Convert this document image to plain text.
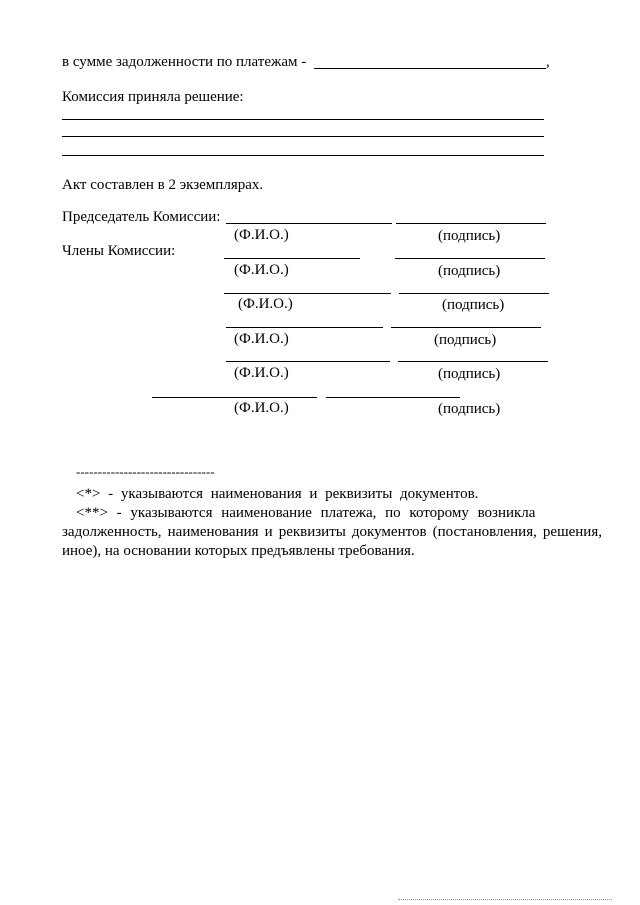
в сумме задолженности по платежам -	,
Комиссия приняла решение:
Акт составлен в 2 экземплярах.
Председатель Комиссии:
(Ф.И.О.)	(подпись)
Члены Комиссии:
(Ф.И.О.)	(подпись)
(Ф.И.О.)	(подпись)
(Ф.И.О.)	(подпись)
(Ф.И.О.)	(подпись)
(Ф.И.О.)	(подпись)
--------------------------------
<*> - указываются наименования и реквизиты документов.
<**> - указываются наименование платежа, по которому возникла
задолженность, наименования и реквизиты документов (постановления, решения, иное), на основании которых предъявлены требования.
